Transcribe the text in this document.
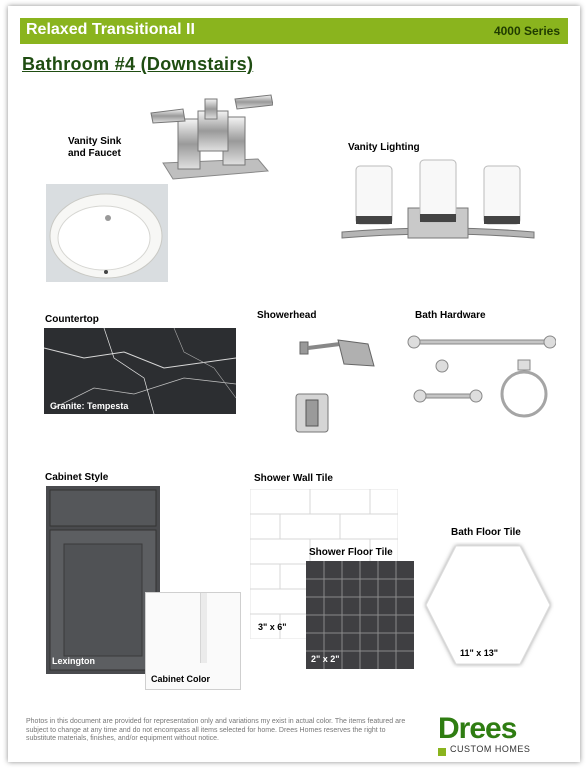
Relaxed Transitional II	4000 Series
Bathroom #4 (Downstairs)
Vanity Sink
and Faucet
Vanity Lighting
Countertop
Granite: Tempesta
Showerhead	Bath Hardware
Cabinet Style
Lexington
Cabinet Color
Shower Wall Tile
3" x 6"
Shower Floor Tile
2" x 2"
Bath Floor Tile
11" x 13"
Photos in this document are provided for representation only and variations my exist in actual color. The items featured are subject to change at any time and do not encompass all items selected for home. Drees Homes reserves the right to substitute materials, finishes, and/or equipment without notice.	Drees
CUSTOM HOMES
